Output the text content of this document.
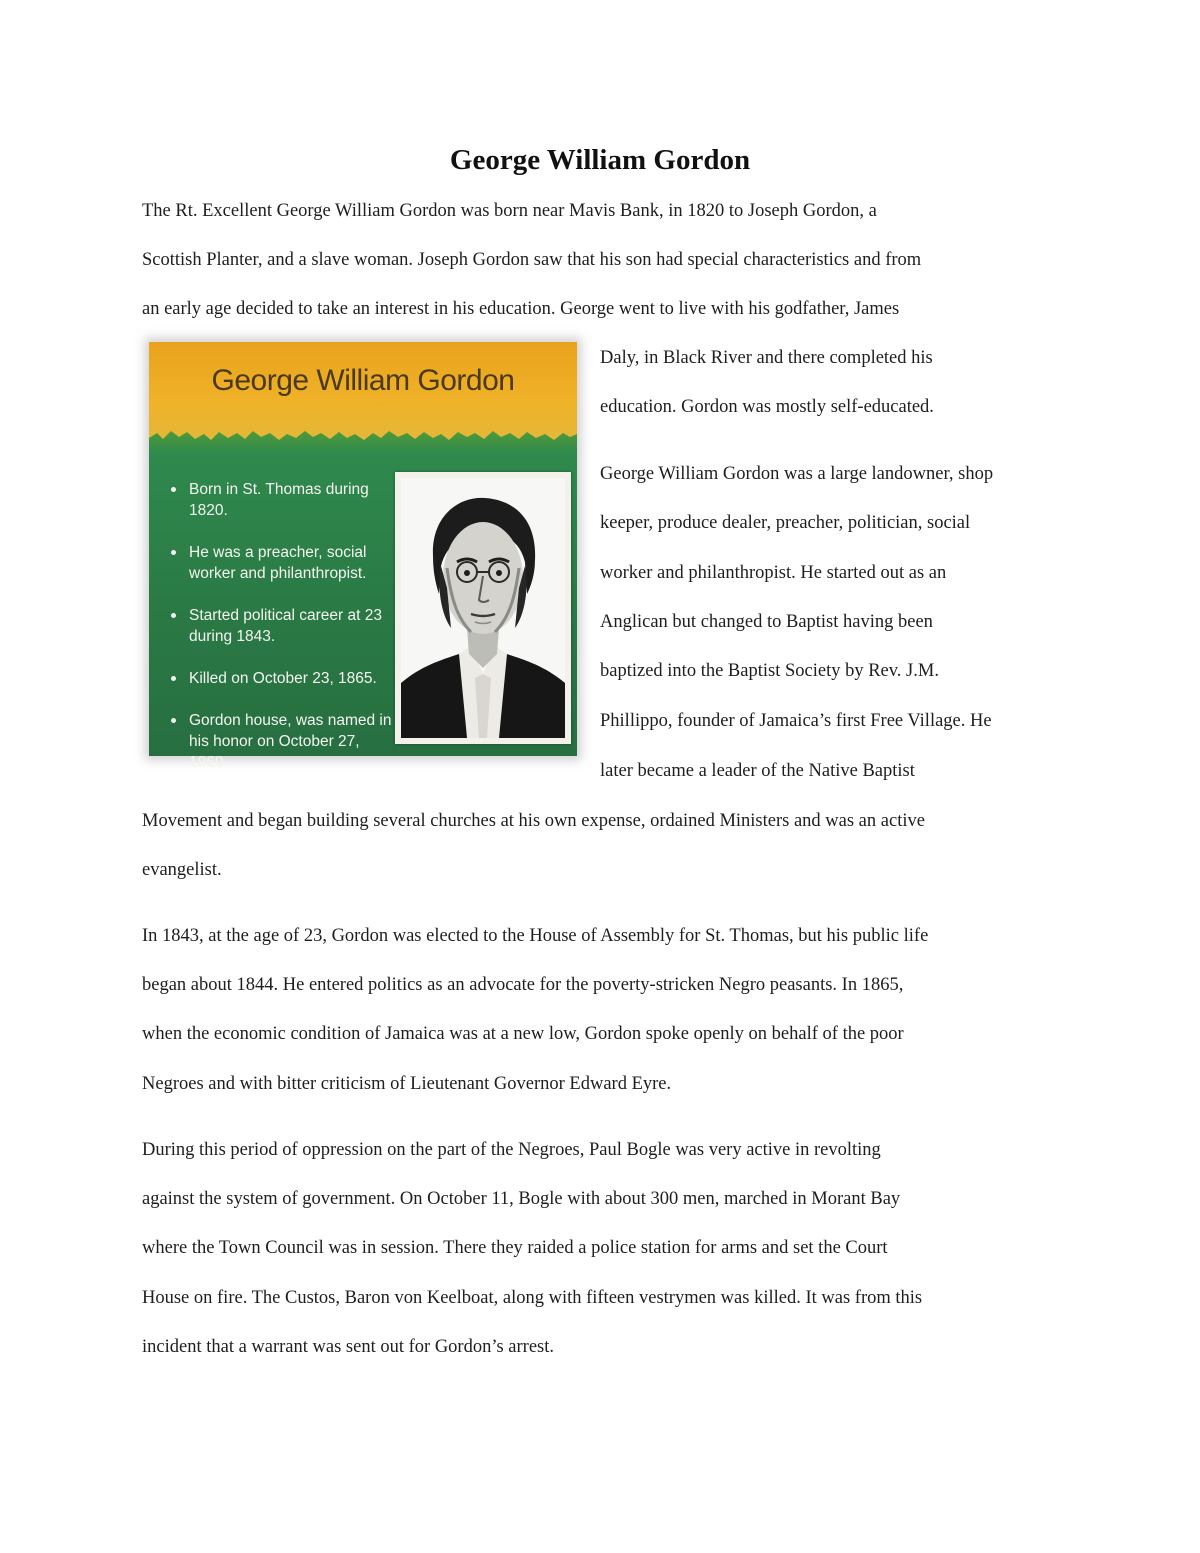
George William Gordon
The Rt. Excellent George William Gordon was born near Mavis Bank, in 1820 to Joseph Gordon, a
Scottish Planter, and a slave woman. Joseph Gordon saw that his son had special characteristics and from
an early age decided to take an interest in his education. George went to live with his godfather, James
Daly, in Black River and there completed his
education. Gordon was mostly self-educated.
George William Gordon was a large landowner, shop
keeper, produce dealer, preacher, politician, social
worker and philanthropist. He started out as an
Anglican but changed to Baptist having been
baptized into the Baptist Society by Rev. J.M.
Phillippo, founder of Jamaica’s first Free Village. He
later became a leader of the Native Baptist
Movement and began building several churches at his own expense, ordained Ministers and was an active
evangelist.
In 1843, at the age of 23, Gordon was elected to the House of Assembly for St. Thomas, but his public life
began about 1844. He entered politics as an advocate for the poverty-stricken Negro peasants. In 1865,
when the economic condition of Jamaica was at a new low, Gordon spoke openly on behalf of the poor
Negroes and with bitter criticism of Lieutenant Governor Edward Eyre.
During this period of oppression on the part of the Negroes, Paul Bogle was very active in revolting
against the system of government. On October 11, Bogle with about 300 men, marched in Morant Bay
where the Town Council was in session. There they raided a police station for arms and set the Court
House on fire. The Custos, Baron von Keelboat, along with fifteen vestrymen was killed. It was from this
incident that a warrant was sent out for Gordon’s arrest.
George William Gordon
Born in St. Thomas during 1820.
He was a preacher, social worker and philanthropist.
Started political career at 23 during 1843.
Killed on October 23, 1865.
Gordon house, was named in his honor on October 27, 1960.
